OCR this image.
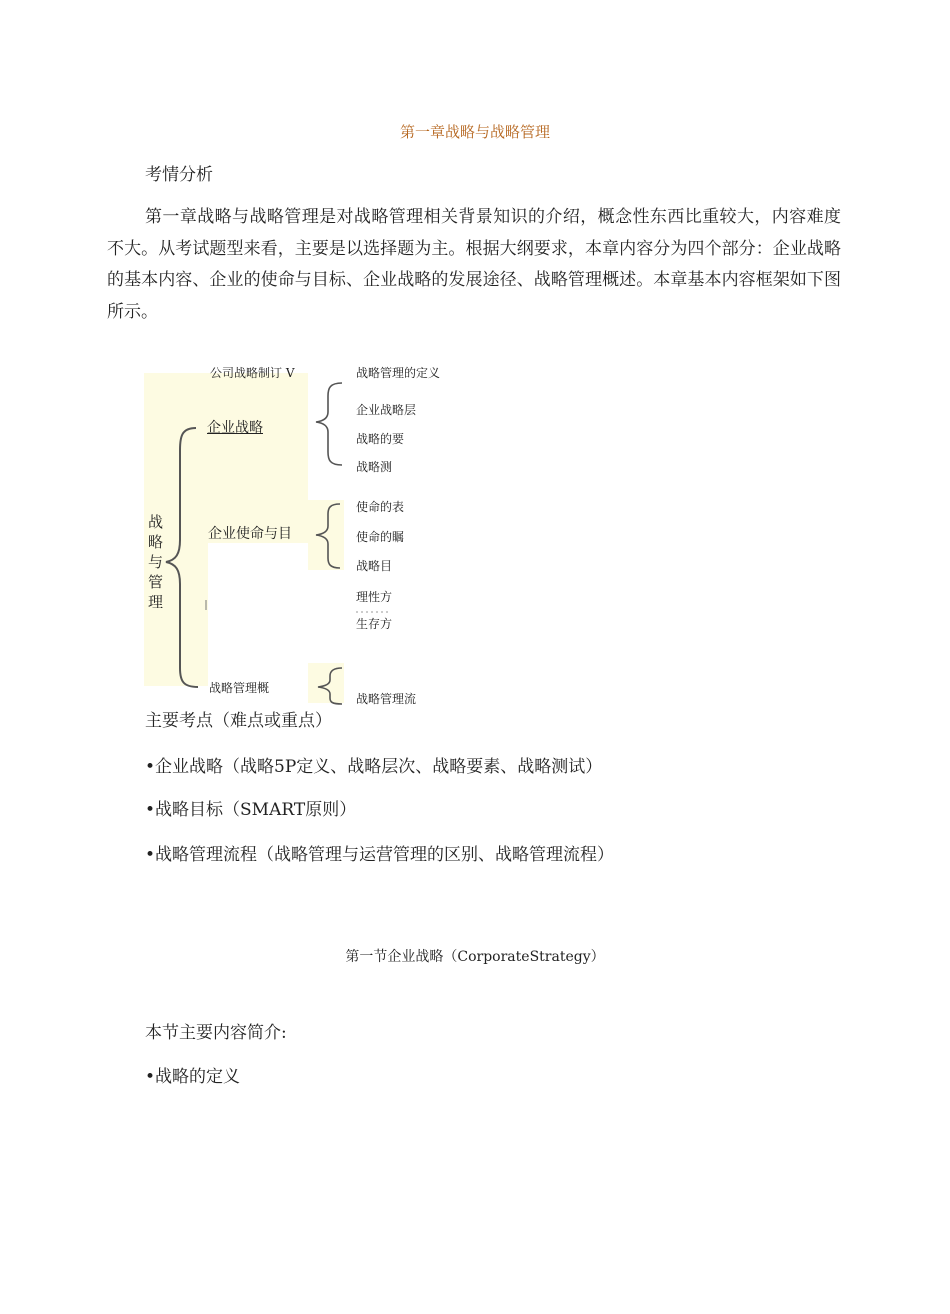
第一章战略与战略管理
考情分析
第一章战略与战略管理是对战略管理相关背景知识的介绍，概念性东西比重较大，内容难度不大。从考试题型来看，主要是以选择题为主。根据大纲要求，本章内容分为四个部分：企业战略的基本内容、企业的使命与目标、企业战略的发展途径、战略管理概述。本章基本内容框架如下图所示。
战略与管理
公司战略制订 V	战略管理的定义
企业战略
企业战略层
战略的要
战略测
企业使命与目
使命的表
使命的瞩
战略目
理性方
生存方
战略管理概
战略管理流
主要考点（难点或重点）
•企业战略（战略5P定义、战略层次、战略要素、战略测试）
•战略目标（SMART原则）
•战略管理流程（战略管理与运营管理的区别、战略管理流程）
第一节企业战略（CorporateStrategy）
本节主要内容简介:
•战略的定义
